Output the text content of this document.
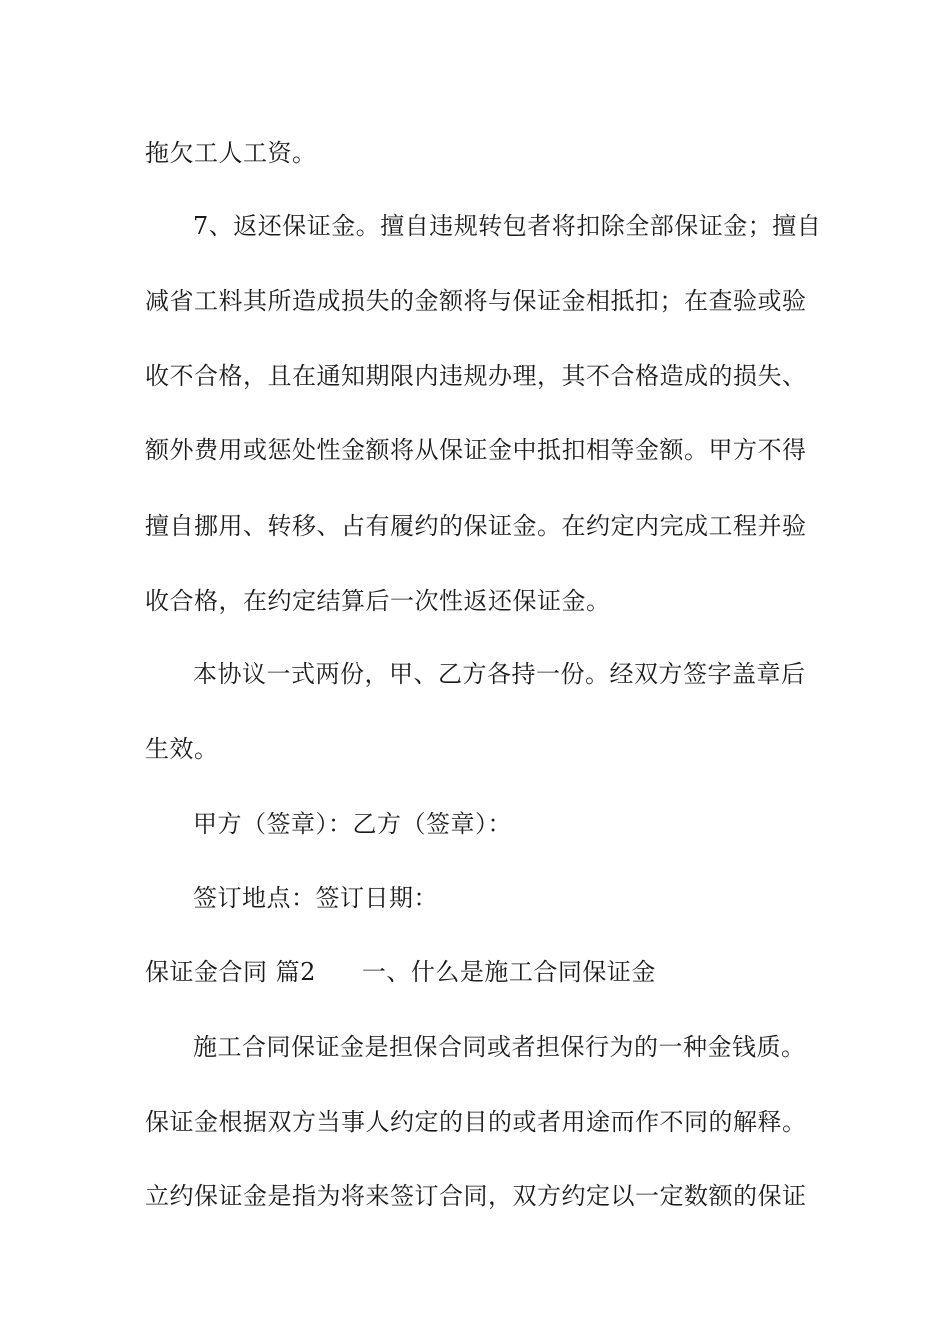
拖欠工人工资。
7、返还保证金。擅自违规转包者将扣除全部保证金；擅自
减省工料其所造成损失的金额将与保证金相抵扣；在查验或验
收不合格，且在通知期限内违规办理，其不合格造成的损失、
额外费用或惩处性金额将从保证金中抵扣相等金额。甲方不得
擅自挪用、转移、占有履约的保证金。在约定内完成工程并验
收合格，在约定结算后一次性返还保证金。
本协议一式两份，甲、乙方各持一份。经双方签字盖章后
生效。
甲方（签章）：乙方（签章）：
签订地点：签订日期：
保证金合同 篇2 一、什么是施工合同保证金
施工合同保证金是担保合同或者担保行为的一种金钱质。
保证金根据双方当事人约定的目的或者用途而作不同的解释。
立约保证金是指为将来签订合同，双方约定以一定数额的保证
